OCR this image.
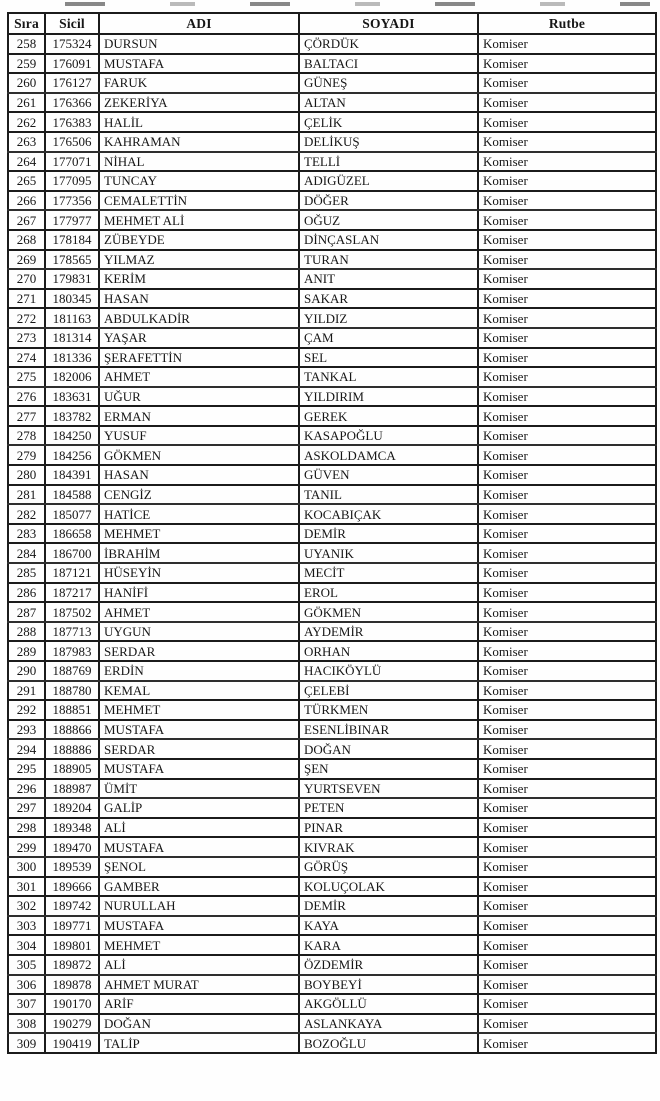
Sıra	Sicil	ADI	SOYADI	Rutbe
258	175324	DURSUN	ÇÖRDÜK	Komiser
259	176091	MUSTAFA	BALTACI	Komiser
260	176127	FARUK	GÜNEŞ	Komiser
261	176366	ZEKERİYA	ALTAN	Komiser
262	176383	HALİL	ÇELİK	Komiser
263	176506	KAHRAMAN	DELİKUŞ	Komiser
264	177071	NİHAL	TELLİ	Komiser
265	177095	TUNCAY	ADIGÜZEL	Komiser
266	177356	CEMALETTİN	DÖĞER	Komiser
267	177977	MEHMET ALİ	OĞUZ	Komiser
268	178184	ZÜBEYDE	DİNÇASLAN	Komiser
269	178565	YILMAZ	TURAN	Komiser
270	179831	KERİM	ANIT	Komiser
271	180345	HASAN	SAKAR	Komiser
272	181163	ABDULKADİR	YILDIZ	Komiser
273	181314	YAŞAR	ÇAM	Komiser
274	181336	ŞERAFETTİN	SEL	Komiser
275	182006	AHMET	TANKAL	Komiser
276	183631	UĞUR	YILDIRIM	Komiser
277	183782	ERMAN	GEREK	Komiser
278	184250	YUSUF	KASAPOĞLU	Komiser
279	184256	GÖKMEN	ASKOLDAMCA	Komiser
280	184391	HASAN	GÜVEN	Komiser
281	184588	CENGİZ	TANIL	Komiser
282	185077	HATİCE	KOCABIÇAK	Komiser
283	186658	MEHMET	DEMİR	Komiser
284	186700	İBRAHİM	UYANIK	Komiser
285	187121	HÜSEYİN	MECİT	Komiser
286	187217	HANİFİ	EROL	Komiser
287	187502	AHMET	GÖKMEN	Komiser
288	187713	UYGUN	AYDEMİR	Komiser
289	187983	SERDAR	ORHAN	Komiser
290	188769	ERDİN	HACIKÖYLÜ	Komiser
291	188780	KEMAL	ÇELEBİ	Komiser
292	188851	MEHMET	TÜRKMEN	Komiser
293	188866	MUSTAFA	ESENLİBINAR	Komiser
294	188886	SERDAR	DOĞAN	Komiser
295	188905	MUSTAFA	ŞEN	Komiser
296	188987	ÜMİT	YURTSEVEN	Komiser
297	189204	GALİP	PETEN	Komiser
298	189348	ALİ	PINAR	Komiser
299	189470	MUSTAFA	KIVRAK	Komiser
300	189539	ŞENOL	GÖRÜŞ	Komiser
301	189666	GAMBER	KOLUÇOLAK	Komiser
302	189742	NURULLAH	DEMİR	Komiser
303	189771	MUSTAFA	KAYA	Komiser
304	189801	MEHMET	KARA	Komiser
305	189872	ALİ	ÖZDEMİR	Komiser
306	189878	AHMET MURAT	BOYBEYİ	Komiser
307	190170	ARİF	AKGÖLLÜ	Komiser
308	190279	DOĞAN	ASLANKAYA	Komiser
309	190419	TALİP	BOZOĞLU	Komiser
